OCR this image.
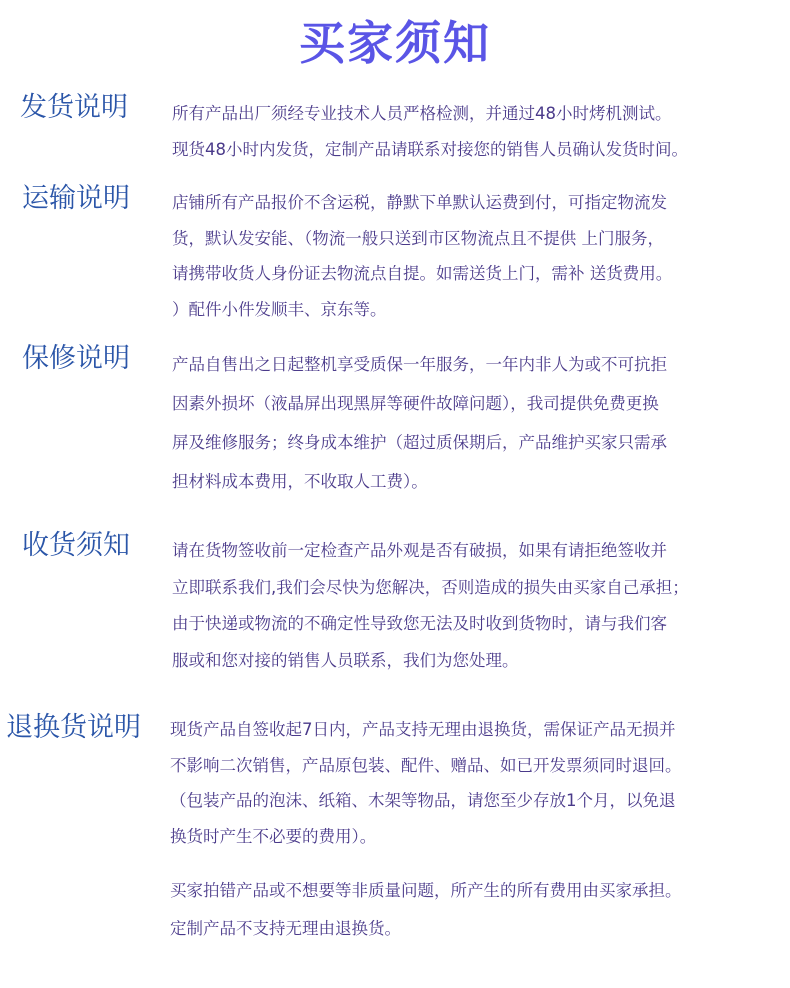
买家须知
发货说明	所有产品出厂须经专业技术人员严格检测，并通过48小时烤机测试。
现货48小时内发货，定制产品请联系对接您的销售人员确认发货时间。
运输说明	店铺所有产品报价不含运税，静默下单默认运费到付，可指定物流发
货，默认发安能、（物流一般只送到市区物流点且不提供 上门服务，
请携带收货人身份证去物流点自提。如需送货上门，需补 送货费用。
）配件小件发顺丰、京东等。
保修说明	产品自售出之日起整机享受质保一年服务，一年内非人为或不可抗拒
因素外损坏（液晶屏出现黑屏等硬件故障问题），我司提供免费更换
屏及维修服务；终身成本维护（超过质保期后，产品维护买家只需承
担材料成本费用，不收取人工费）。
收货须知	请在货物签收前一定检查产品外观是否有破损，如果有请拒绝签收并
立即联系我们,我们会尽快为您解决，否则造成的损失由买家自己承担；
由于快递或物流的不确定性导致您无法及时收到货物时，请与我们客
服或和您对接的销售人员联系，我们为您处理。
退换货说明 现货产品自签收起7日内，产品支持无理由退换货，需保证产品无损并
不影响二次销售，产品原包装、配件、赠品、如已开发票须同时退回。
（包装产品的泡沫、纸箱、木架等物品，请您至少存放1个月，以免退
换货时产生不必要的费用）。
买家拍错产品或不想要等非质量问题，所产生的所有费用由买家承担。
定制产品不支持无理由退换货。
